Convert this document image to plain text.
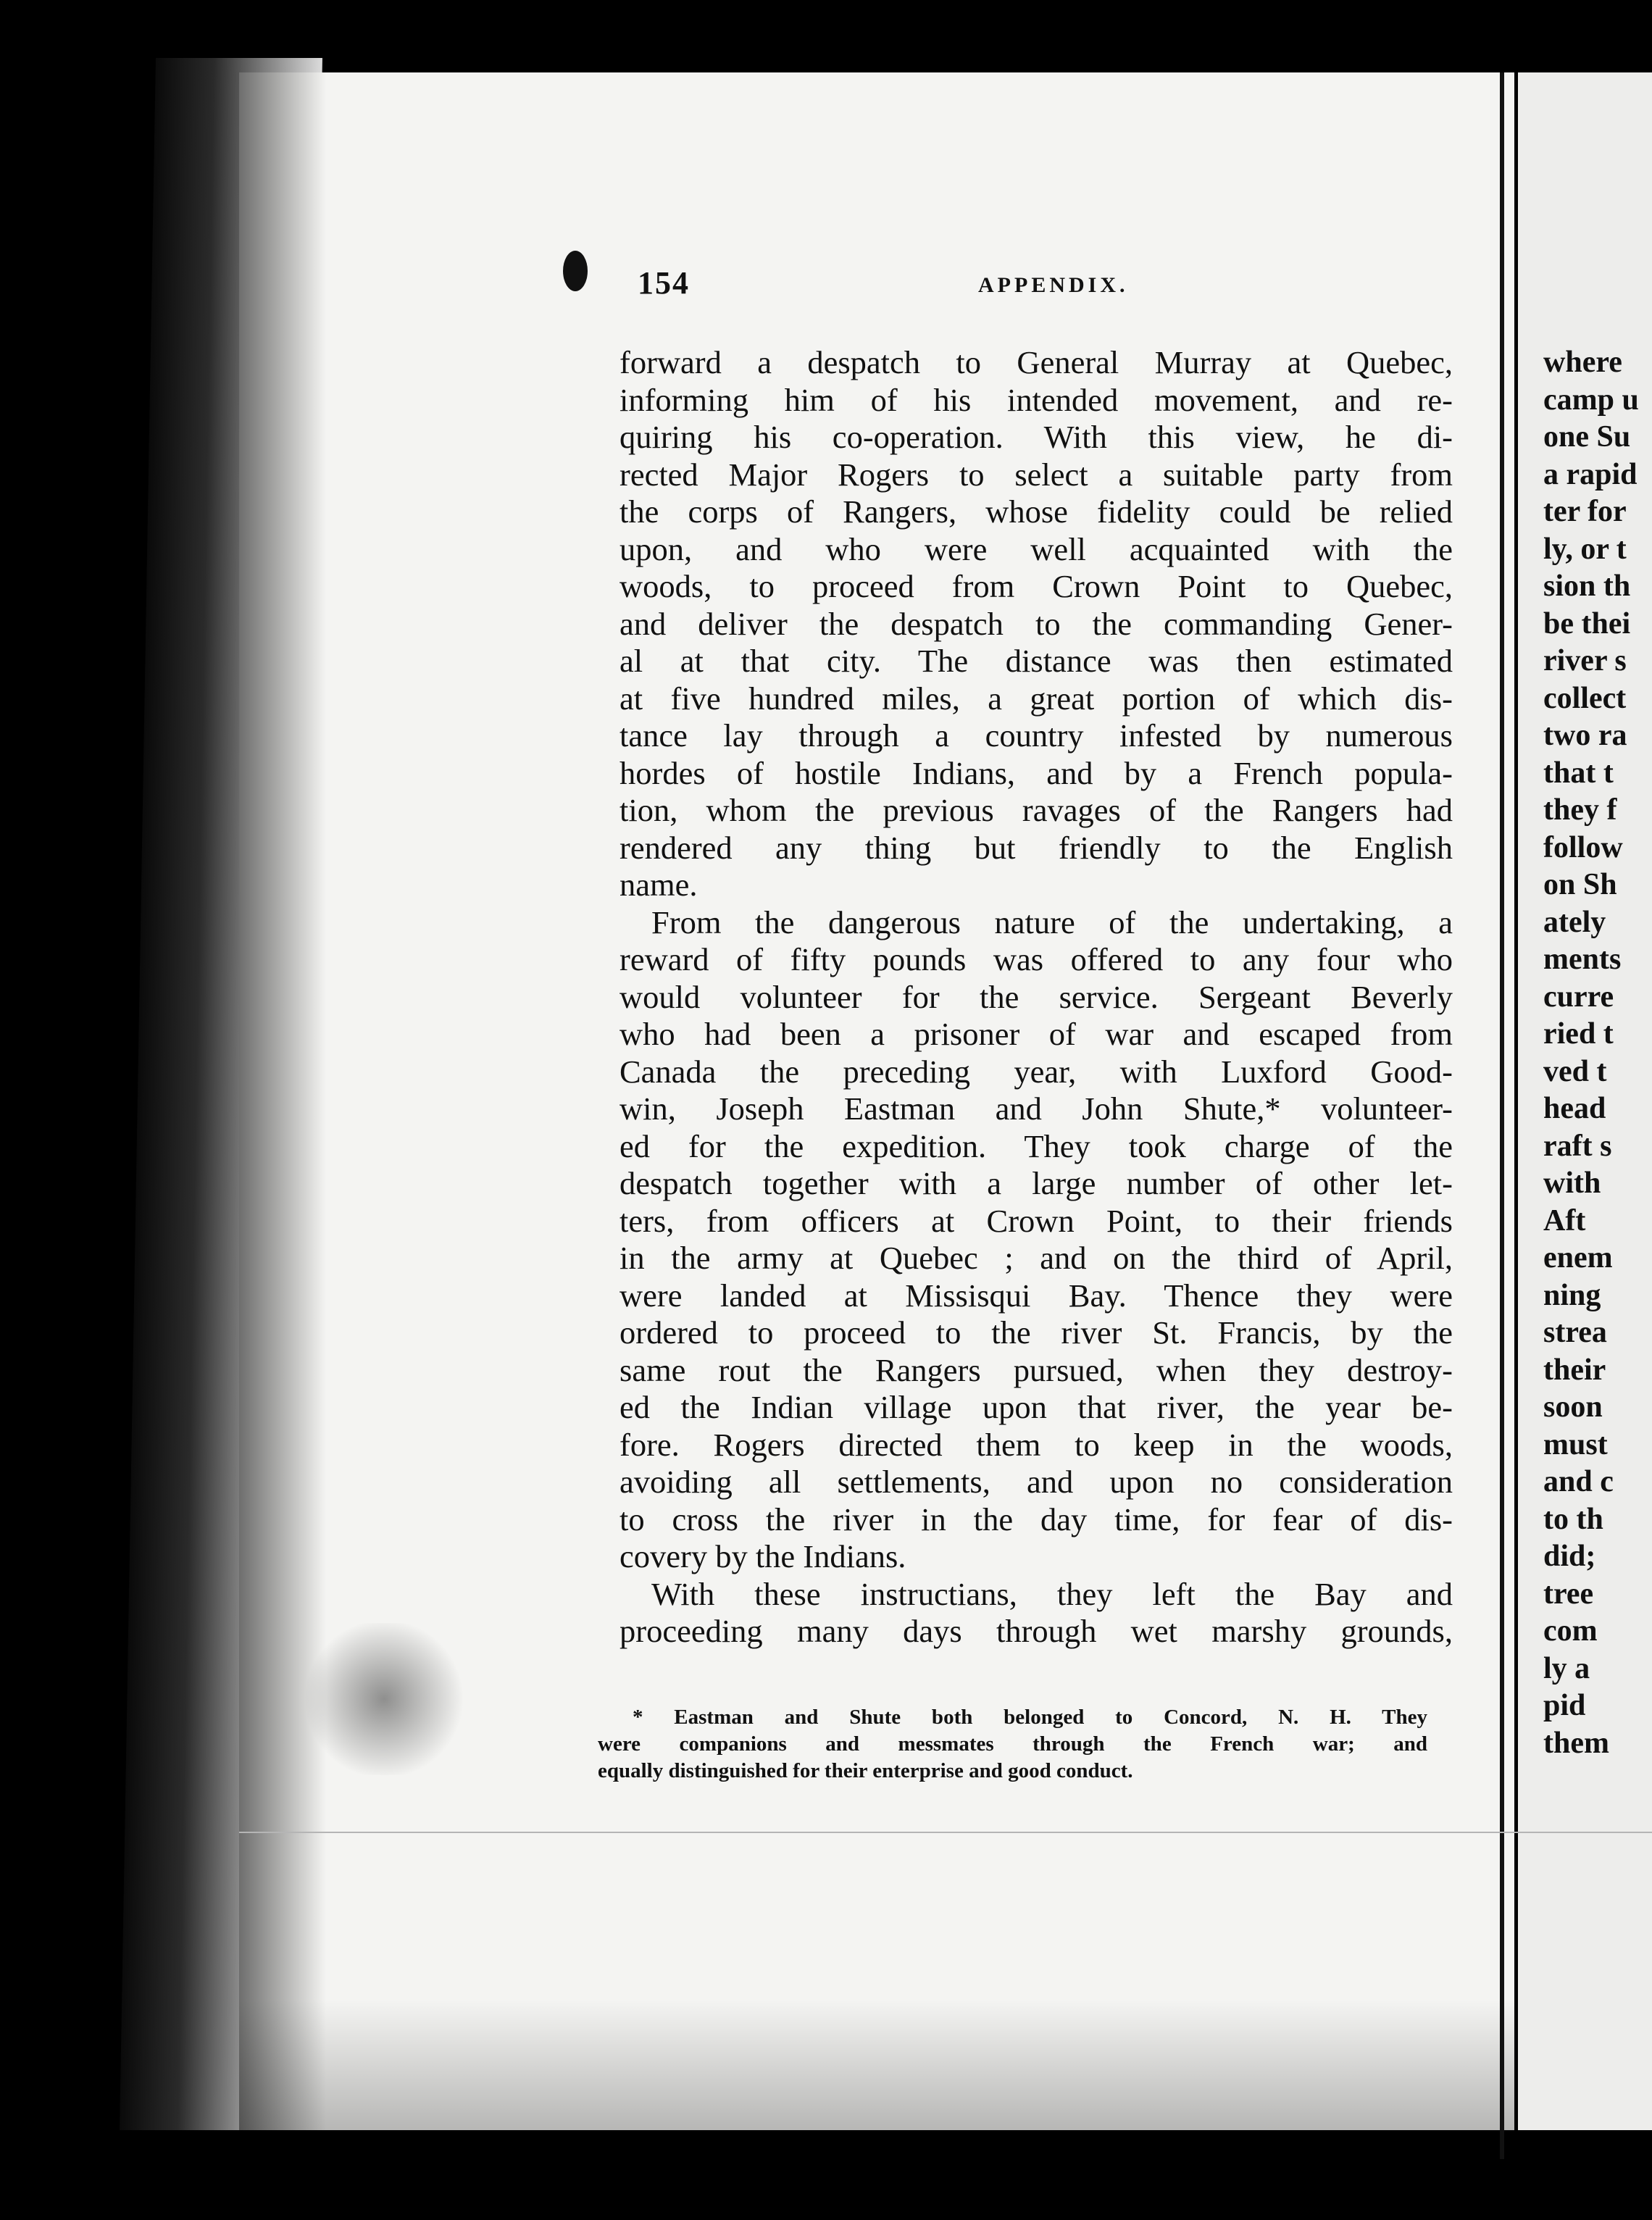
154	APPENDIX.
forward a despatch to General Murray at Quebec,
informing him of his intended movement, and re-
quiring his co-operation. With this view, he di-
rected Major Rogers to select a suitable party from
the corps of Rangers, whose fidelity could be relied
upon, and who were well acquainted with the
woods, to proceed from Crown Point to Quebec,
and deliver the despatch to the commanding Gener-
al at that city. The distance was then estimated
at five hundred miles, a great portion of which dis-
tance lay through a country infested by numerous
hordes of hostile Indians, and by a French popula-
tion, whom the previous ravages of the Rangers had
rendered any thing but friendly to the English
name.
From the dangerous nature of the undertaking, a
reward of fifty pounds was offered to any four who
would volunteer for the service. Sergeant Beverly
who had been a prisoner of war and escaped from
Canada the preceding year, with Luxford Good-
win, Joseph Eastman and John Shute,* volunteer-
ed for the expedition. They took charge of the
despatch together with a large number of other let-
ters, from officers at Crown Point, to their friends
in the army at Quebec ; and on the third of April,
were landed at Missisqui Bay. Thence they were
ordered to proceed to the river St. Francis, by the
same rout the Rangers pursued, when they destroy-
ed the Indian village upon that river, the year be-
fore. Rogers directed them to keep in the woods,
avoiding all settlements, and upon no consideration
to cross the river in the day time, for fear of dis-
covery by the Indians.
With these instructians, they left the Bay and
proceeding many days through wet marshy grounds,
* Eastman and Shute both belonged to Concord, N. H. They
were companions and messmates through the French war; and
equally distinguished for their enterprise and good conduct.
where
camp u
one Su
a rapid
ter for
ly, or t
sion th
be thei
river s
collect
two ra
that t
they f
follow
on Sh
ately
ments
curre
ried t
ved t
head
raft s
with
Aft
enem
ning
strea
their
soon
must
and c
to th
did;
tree
com
ly a
pid
them
